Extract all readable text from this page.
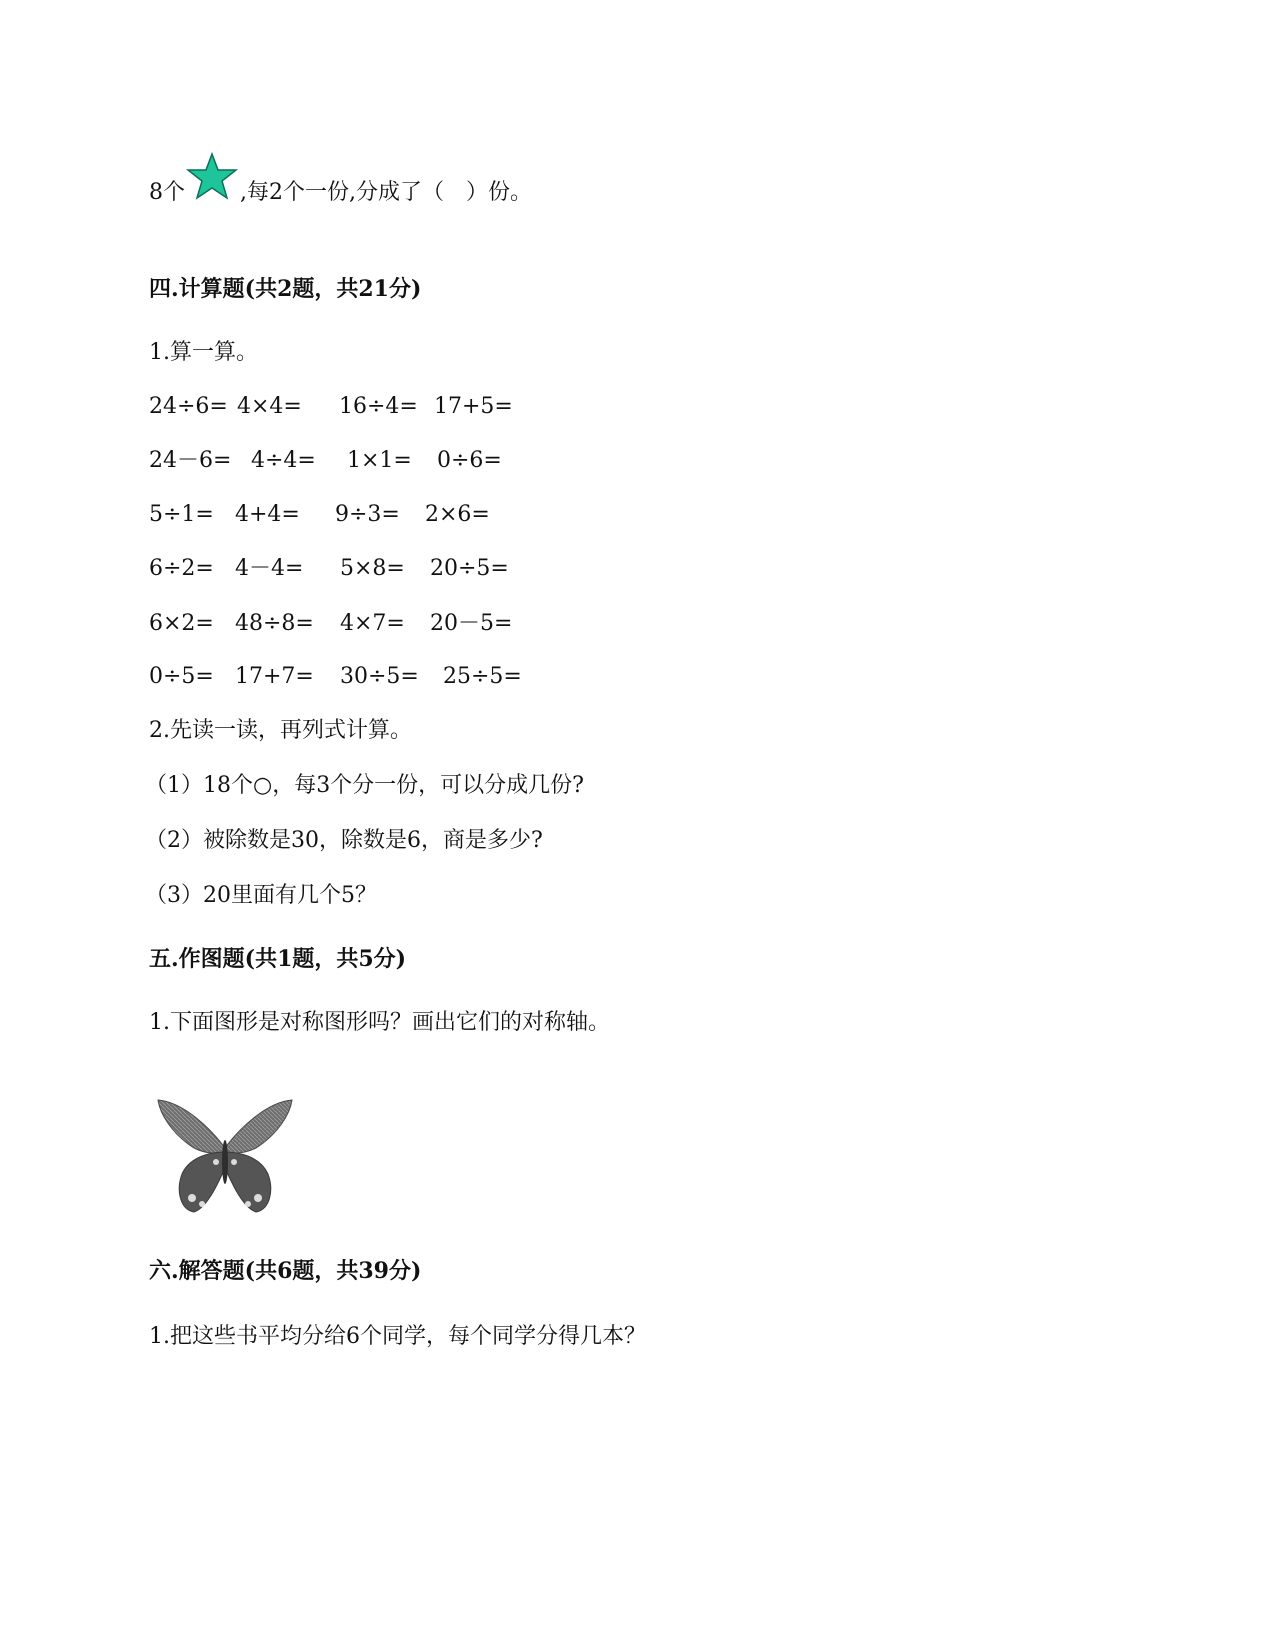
8个	,每2个一份,分成了（　）份。
四.计算题(共2题，共21分)
1.算一算。
24÷6= 4×4= 16÷4= 17+5=
24－6= 4÷4= 1×1= 0÷6=
5÷1= 4+4= 9÷3= 2×6=
6÷2= 4－4= 5×8= 20÷5=
6×2= 48÷8= 4×7= 20－5=
0÷5= 17+7= 30÷5= 25÷5=
2.先读一读，再列式计算。
（1）18个○，每3个分一份，可以分成几份?
（2）被除数是30，除数是6，商是多少?
（3）20里面有几个5？
五.作图题(共1题，共5分)
1.下面图形是对称图形吗？画出它们的对称轴。
六.解答题(共6题，共39分)
1.把这些书平均分给6个同学，每个同学分得几本？
